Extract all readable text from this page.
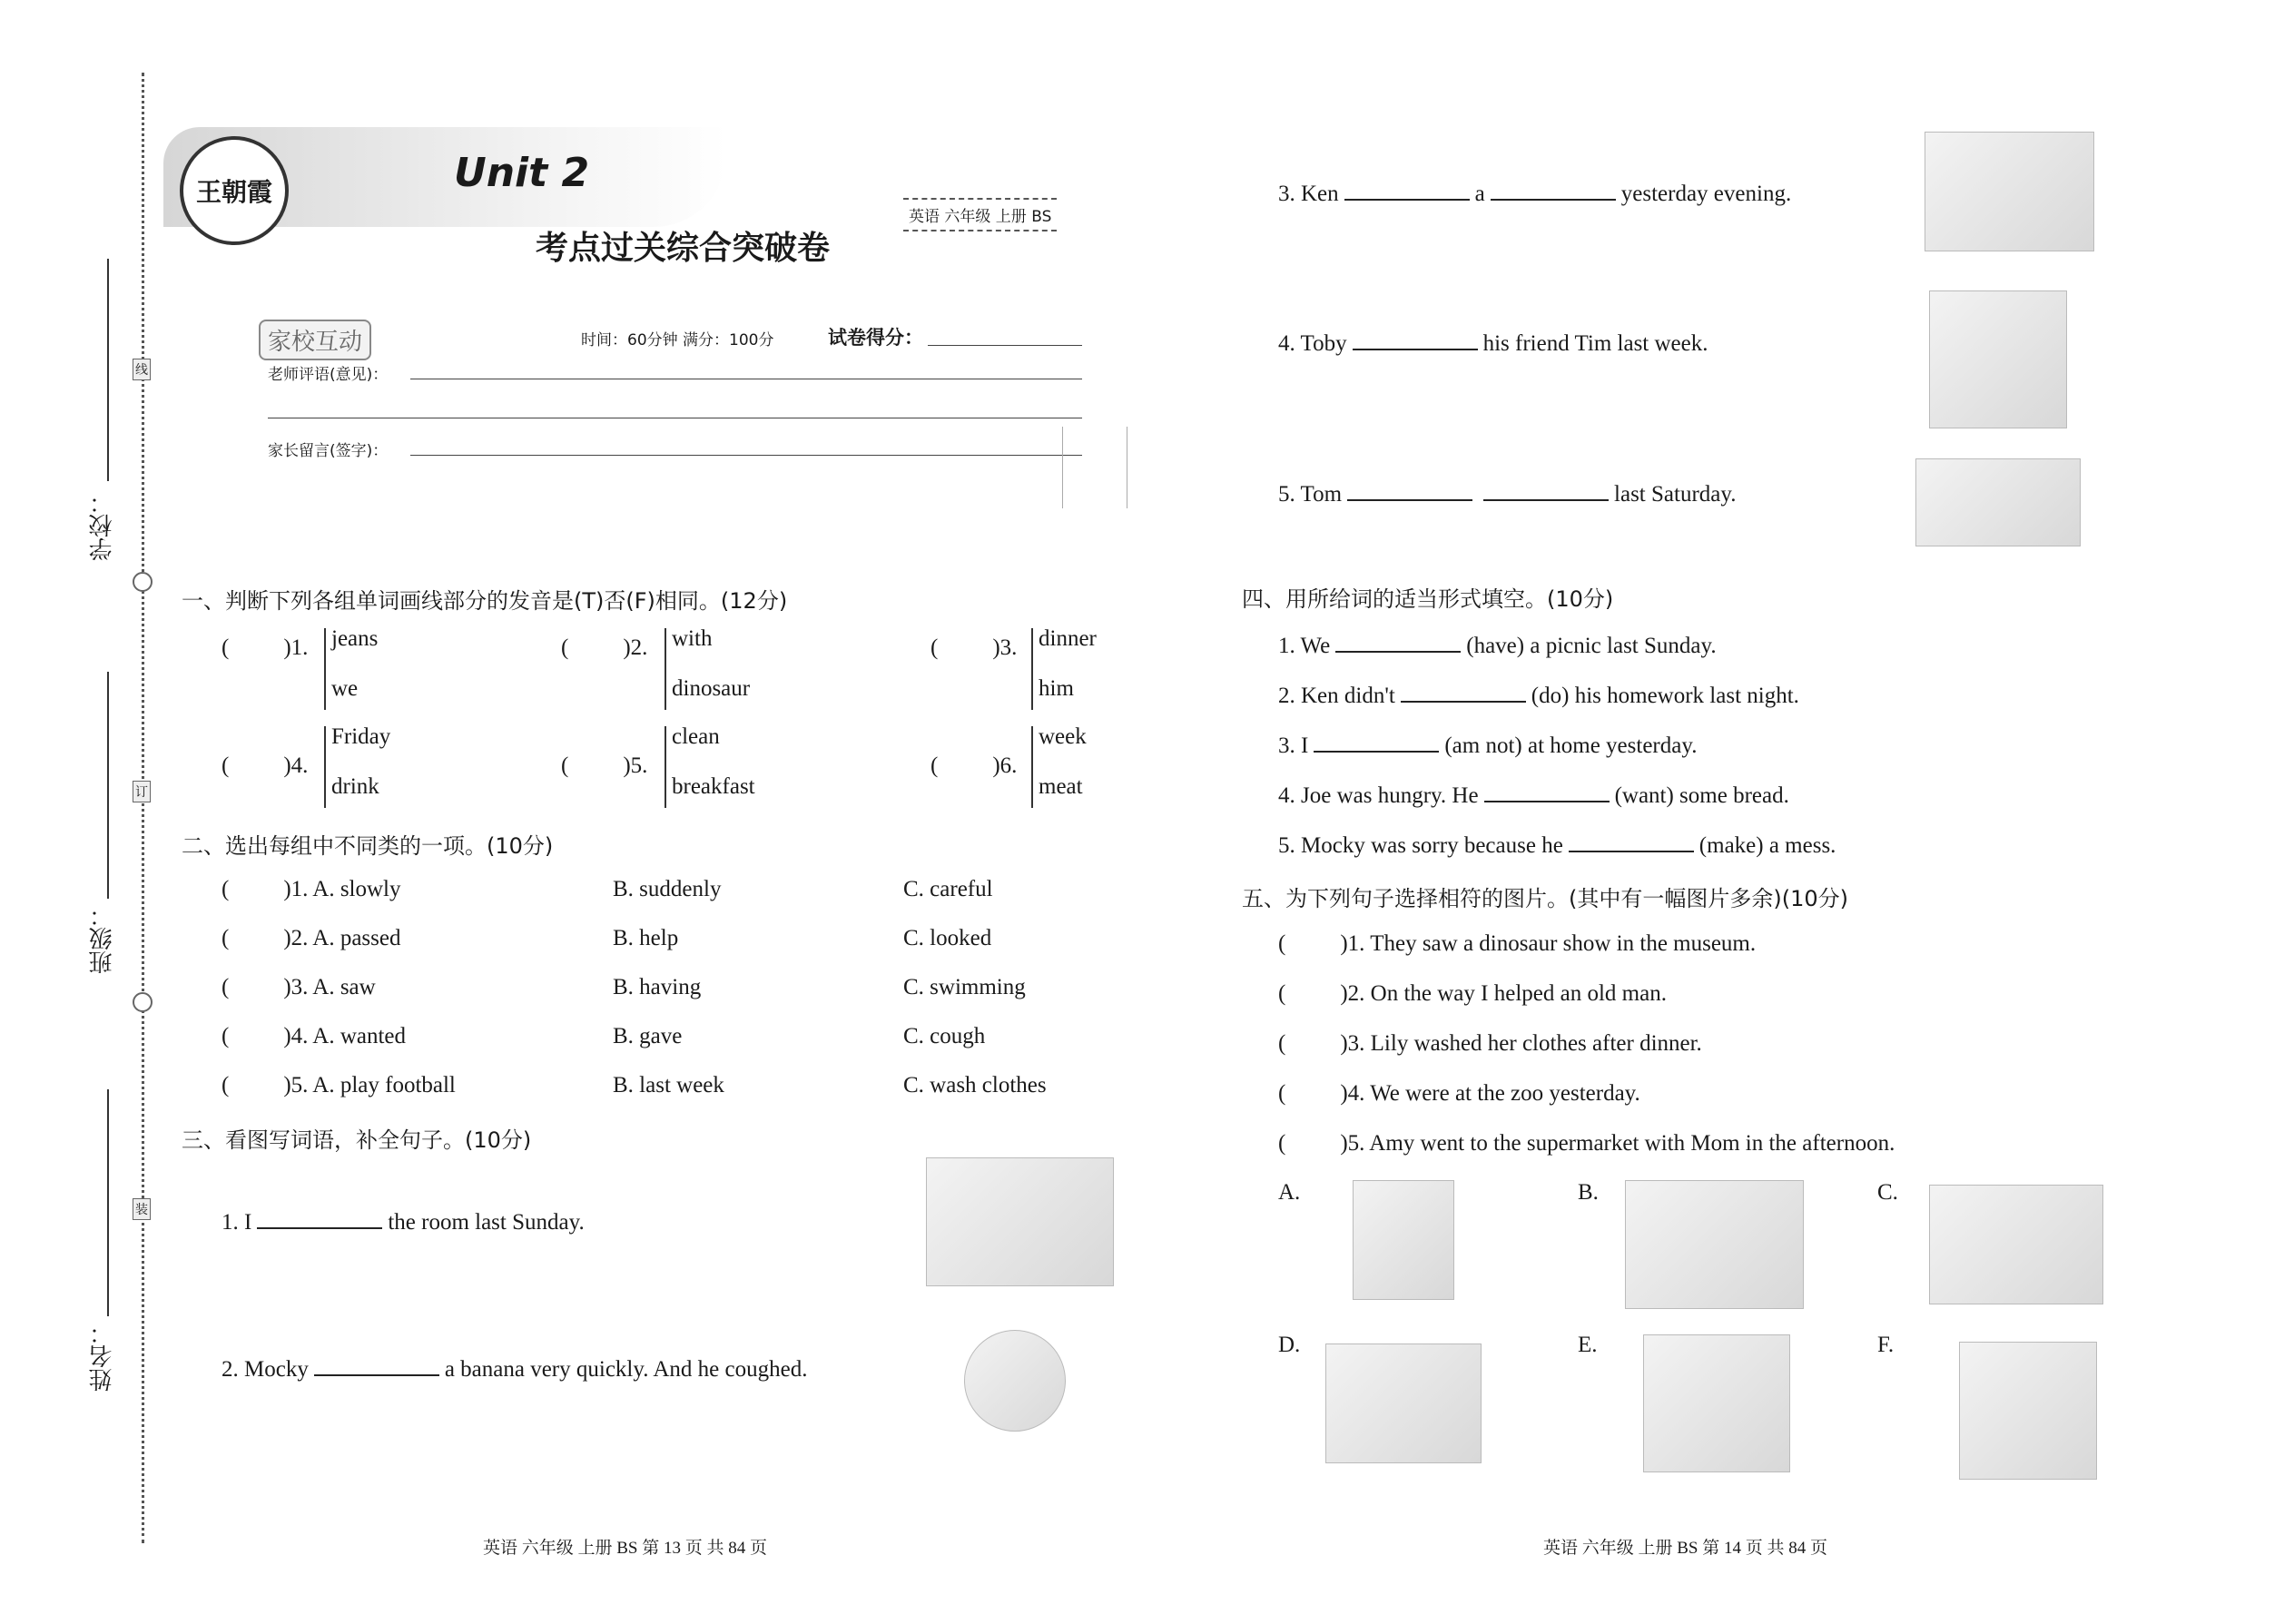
学校：
班级：
姓名：
线
订
装
王朝霞	Unit 2
考点过关综合突破卷
英语 六年级 上册 BS
家校互动	时间：60分钟 满分：100分	试卷得分：
老师评语(意见)：
家长留言(签字)：
一、判断下列各组单词画线部分的发音是(T)否(F)相同。(12分)
( )1. jeans
we
( )2. with
dinosaur
( )3. dinner
him
( )4.
Friday
drink
( )5.
clean
breakfast
( )6.
week
meat
二、选出每组中不同类的一项。(10分)
( )1. A. slowly	B. suddenly	C. careful
( )2. A. passed	B. help	C. looked
( )3. A. saw	B. having	C. swimming
( )4. A. wanted	B. gave	C. cough
( )5. A. play football	B. last week	C. wash clothes
三、看图写词语，补全句子。(10分)
1. I	the room last Sunday.
2. Mocky	a banana very quickly. And he coughed.
英语 六年级 上册 BS 第 13 页 共 84 页
3. Ken	a	yesterday evening.
4. Toby	his friend Tim last week.
5. Tom	last Saturday.
四、用所给词的适当形式填空。(10分)
1. We	(have) a picnic last Sunday.
2. Ken didn't	(do) his homework last night.
3. I	(am not) at home yesterday.
4. Joe was hungry. He	(want) some bread.
5. Mocky was sorry because he	(make) a mess.
五、为下列句子选择相符的图片。(其中有一幅图片多余)(10分)
( )1. They saw a dinosaur show in the museum.
( )2. On the way I helped an old man.
( )3. Lily washed her clothes after dinner.
( )4. We were at the zoo yesterday.
( )5. Amy went to the supermarket with Mom in the afternoon.
A.	B.	C.
D.	E.	F.
英语 六年级 上册 BS 第 14 页 共 84 页
